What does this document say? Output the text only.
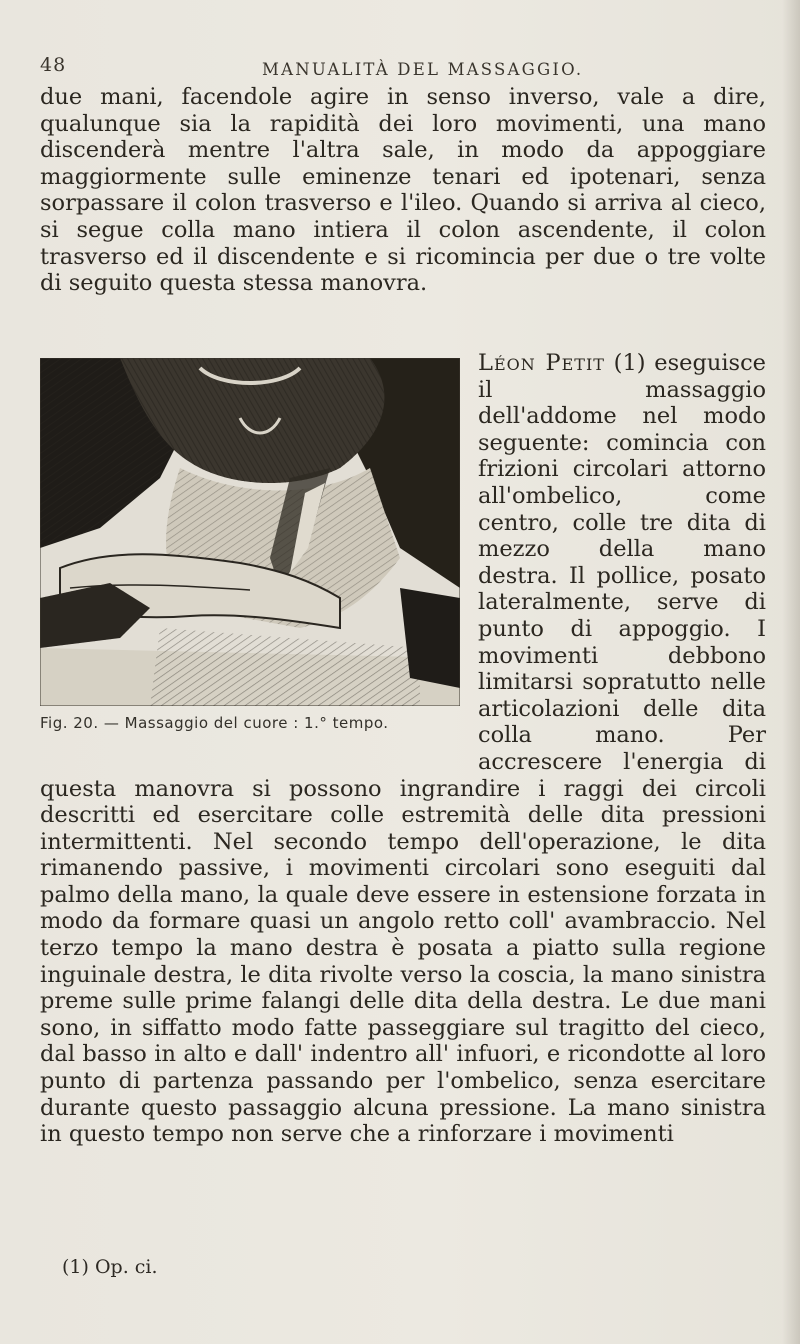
48	MANUALITÀ DEL MASSAGGIO.

due mani, facendole agire in senso inverso, vale a dire, qualunque sia la rapidità dei loro movimenti, una mano discenderà mentre l'altra sale, in modo da appoggiare maggiormente sulle eminenze tenari ed ipotenari, senza sorpassare il colon trasverso e l'ileo. Quando si arriva al cieco, si segue colla mano intiera il colon ascendente, il colon trasverso ed il discendente e si ricomincia per due o tre volte di seguito questa stessa manovra.

Fig. 20. — Massaggio del cuore : 1.° tempo.

Léon Petit (1) eseguisce il massaggio dell'addome nel modo seguente: comincia con frizioni circolari attorno all'ombelico, come centro, colle tre dita di mezzo della mano destra. Il pollice, posato lateralmente, serve di punto di appoggio. I movimenti debbono limitarsi sopratutto nelle articolazioni delle dita colla mano. Per accrescere l'energia di questa manovra si possono ingrandire i raggi dei circoli descritti ed esercitare colle estremità delle dita pressioni intermittenti. Nel secondo tempo dell'operazione, le dita rimanendo passive, i movimenti circolari sono eseguiti dal palmo della mano, la quale deve essere in estensione forzata in modo da formare quasi un angolo retto coll' avambraccio. Nel terzo tempo la mano destra è posata a piatto sulla regione inguinale destra, le dita rivolte verso la coscia, la mano sinistra preme sulle prime falangi delle dita della destra. Le due mani sono, in siffatto modo fatte passeggiare sul tragitto del cieco, dal basso in alto e dall' indentro all' infuori, e ricondotte al loro punto di partenza passando per l'ombelico, senza esercitare durante questo passaggio alcuna pressione. La mano sinistra in questo tempo non serve che a rinforzare i movimenti

(1) Op. ci.
